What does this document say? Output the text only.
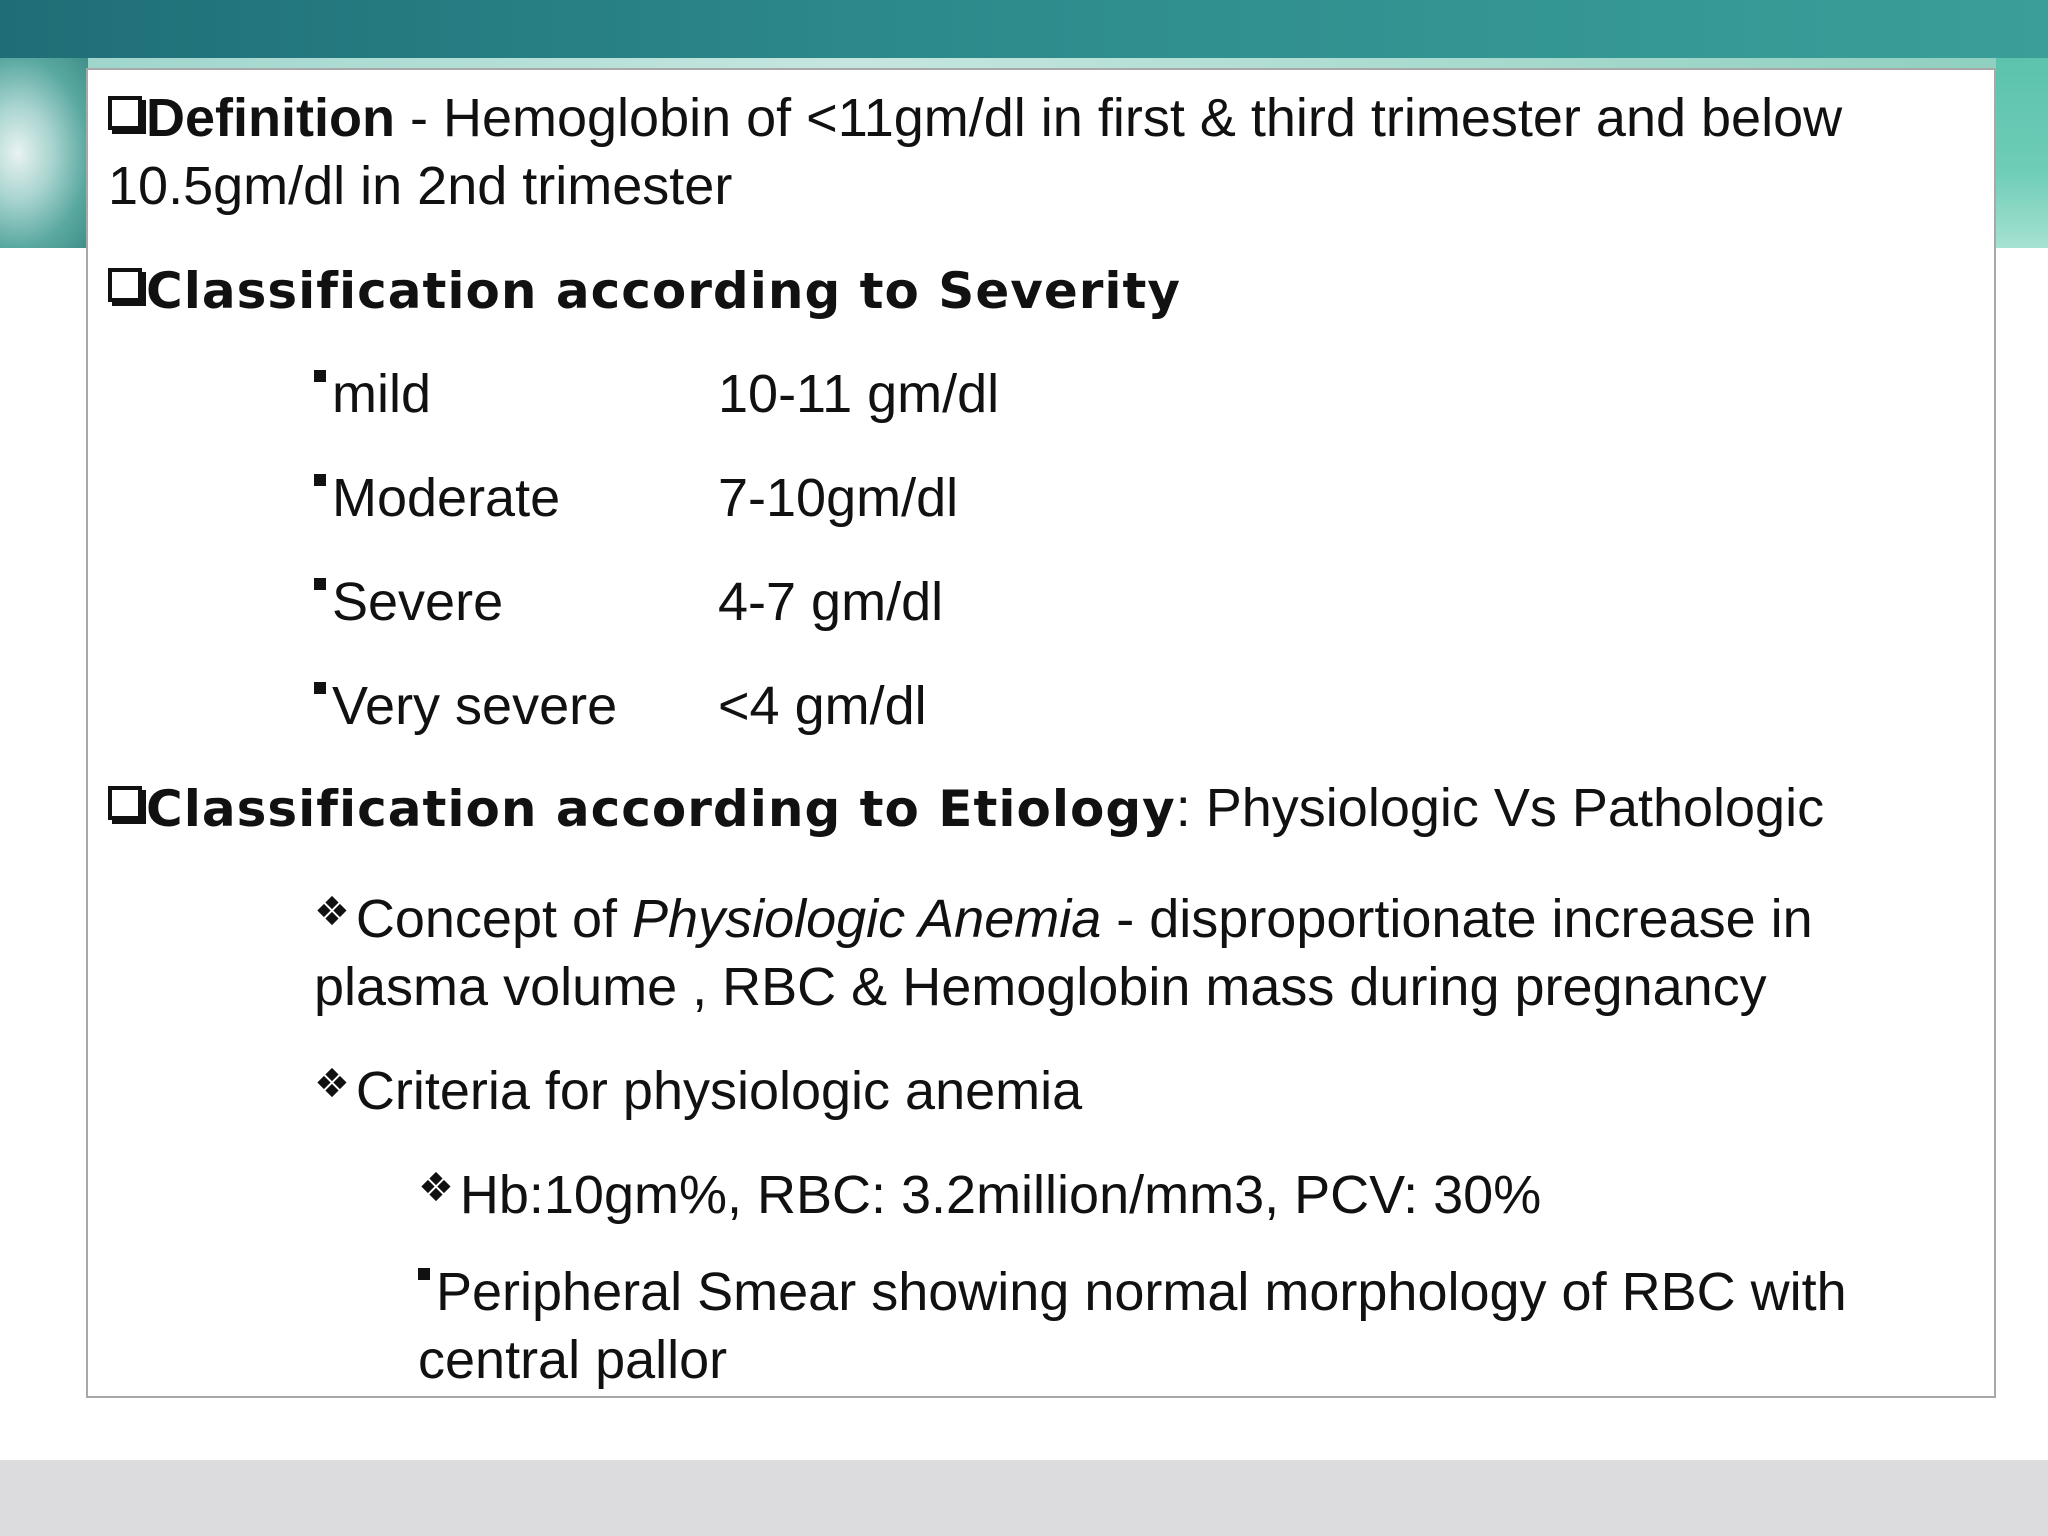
Definition - Hemoglobin of <11gm/dl in first & third trimester and below 10.5gm/dl in 2nd trimester
Classification according to Severity
mild	10-11 gm/dl
Moderate	7-10gm/dl
Severe	4-7 gm/dl
Very severe <4 gm/dl
Classification according to Etiology: Physiologic Vs Pathologic
❖ Concept of Physiologic Anemia - disproportionate increase in plasma volume , RBC & Hemoglobin mass during pregnancy
❖ Criteria for physiologic anemia
❖ Hb:10gm%, RBC: 3.2million/mm3, PCV: 30%
Peripheral Smear showing normal morphology of RBC with central pallor
